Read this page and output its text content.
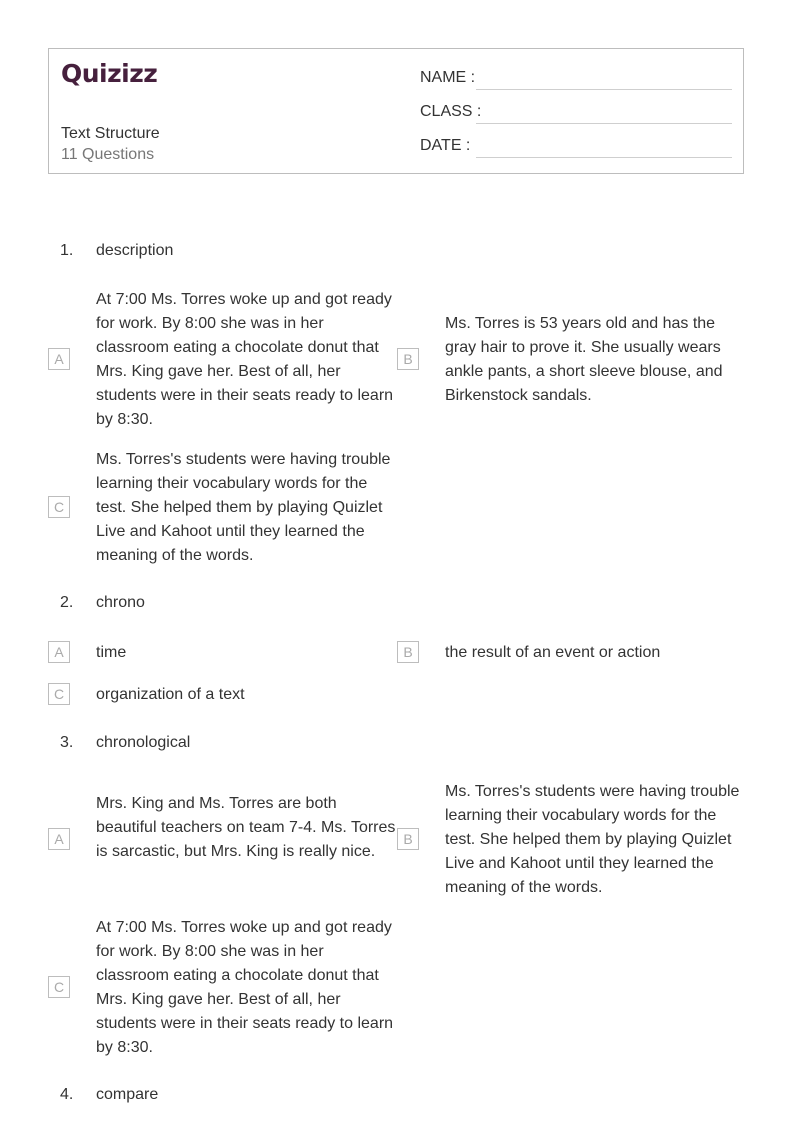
Quizizz
Text Structure
11 Questions
NAME :
CLASS :
DATE :
1. description
A
At 7:00 Ms. Torres woke up and got ready for work. By 8:00 she was in her classroom eating a chocolate donut that Mrs. King gave her. Best of all, her students were in their seats ready to learn by 8:30.
B
Ms. Torres is 53 years old and has the gray hair to prove it. She usually wears ankle pants, a short sleeve blouse, and Birkenstock sandals.
C
Ms. Torres's students were having trouble learning their vocabulary words for the test. She helped them by playing Quizlet Live and Kahoot until they learned the meaning of the words.
2. chrono
A	time	B	the result of an event or action
C	organization of a text
3. chronological
A
Mrs. King and Ms. Torres are both beautiful teachers on team 7-4. Ms. Torres is sarcastic, but Mrs. King is really nice.
B
Ms. Torres's students were having trouble learning their vocabulary words for the test. She helped them by playing Quizlet Live and Kahoot until they learned the meaning of the words.
C
At 7:00 Ms. Torres woke up and got ready for work. By 8:00 she was in her classroom eating a chocolate donut that Mrs. King gave her. Best of all, her students were in their seats ready to learn by 8:30.
4. compare
